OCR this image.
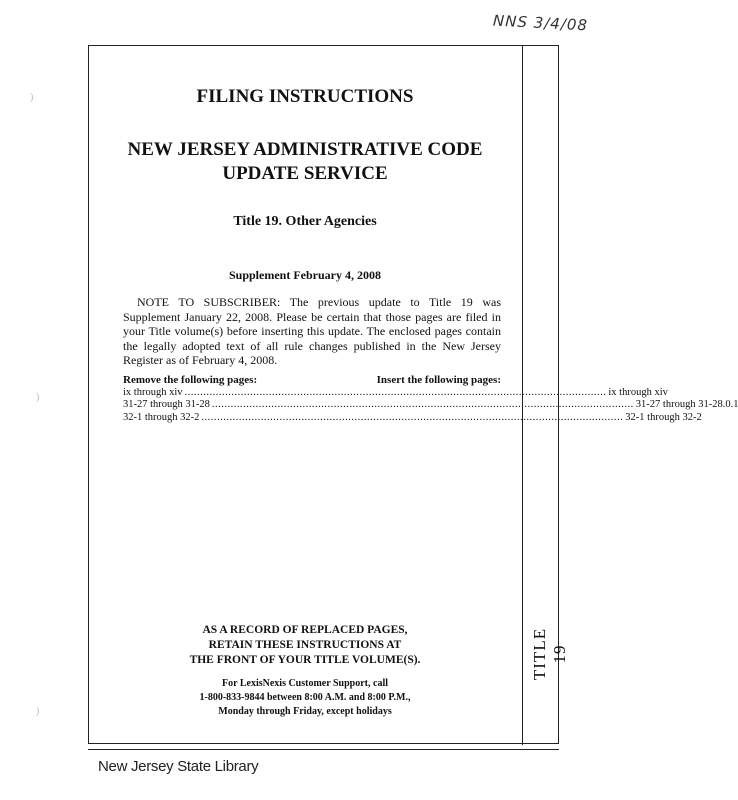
NNS 3/4/08
TITLE 19
)
)
)
FILING INSTRUCTIONS
NEW JERSEY ADMINISTRATIVE CODE
UPDATE SERVICE
Title 19. Other Agencies
Supplement February 4, 2008
NOTE TO SUBSCRIBER: The previous update to Title 19 was Supplement January 22, 2008. Please be certain that those pages are filed in your Title volume(s) before inserting this update. The enclosed pages contain the legally adopted text of all rule changes published in the New Jersey Register as of February 4, 2008.
Remove the following pages:	Insert the following pages:
ix through xiv ....................................................................................................................................... ix through xiv
31-27 through 31-28 ....................................................................................................................................... 31-27 through 31-28.0.1
32-1 through 32-2 ....................................................................................................................................... 32-1 through 32-2
AS A RECORD OF REPLACED PAGES,
RETAIN THESE INSTRUCTIONS AT
THE FRONT OF YOUR TITLE VOLUME(S).
For LexisNexis Customer Support, call
1-800-833-9844 between 8:00 A.M. and 8:00 P.M.,
Monday through Friday, except holidays
New Jersey State Library
